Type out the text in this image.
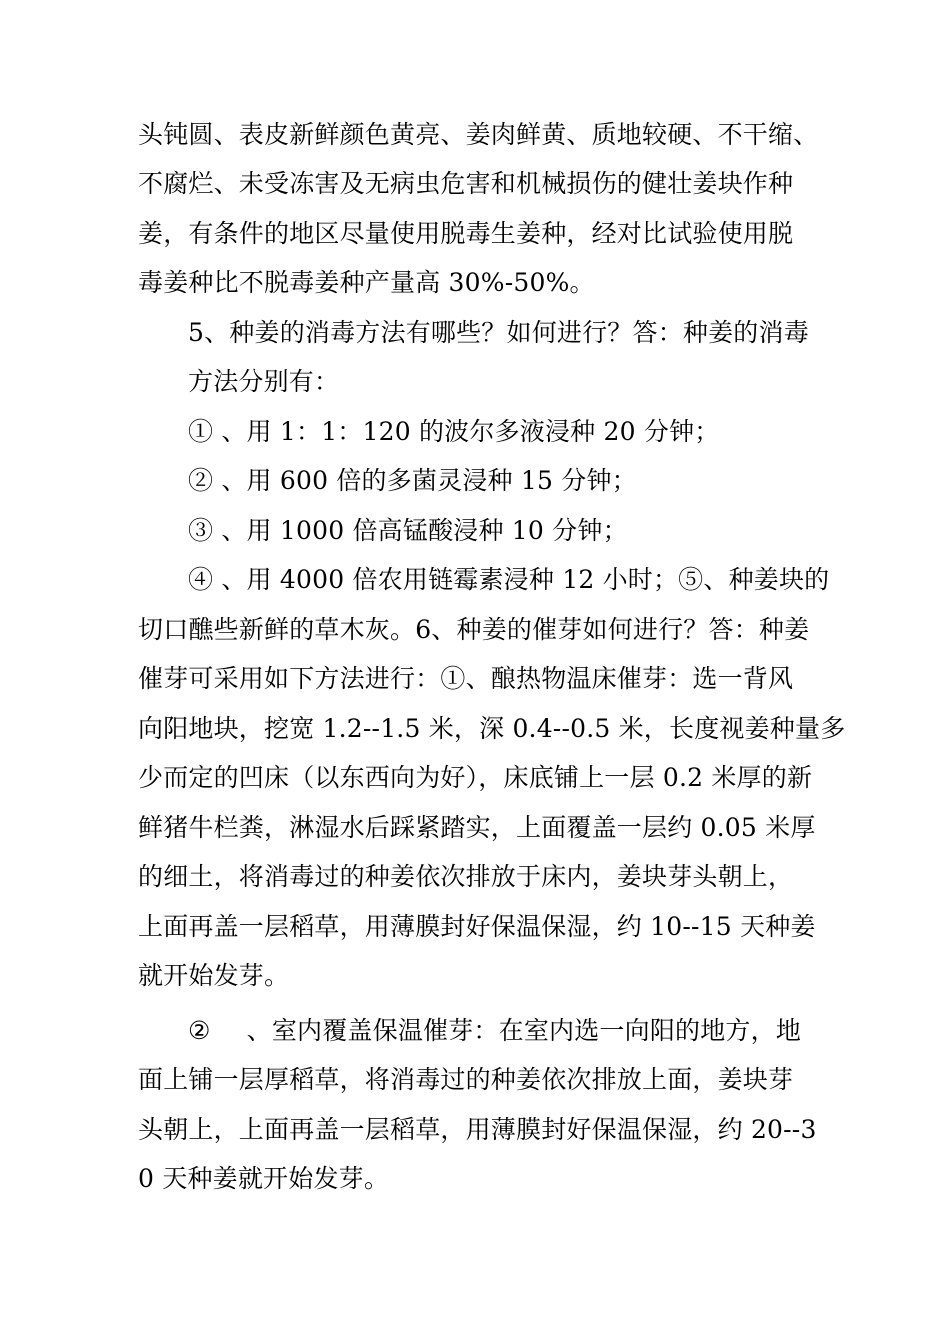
头钝圆、表皮新鲜颜色黄亮、姜肉鲜黄、质地较硬、不干缩、
不腐烂、未受冻害及无病虫危害和机械损伤的健壮姜块作种
姜，有条件的地区尽量使用脱毒生姜种，经对比试验使用脱
毒姜种比不脱毒姜种产量高 30%-50%。
5、种姜的消毒方法有哪些？如何进行？答：种姜的消毒
方法分别有：
① 、用 1：1：120 的波尔多液浸种 20 分钟；
② 、用 600 倍的多菌灵浸种 15 分钟；
③ 、用 1000 倍高锰酸浸种 10 分钟；
④ 、用 4000 倍农用链霉素浸种 12 小时；⑤、种姜块的
切口醮些新鲜的草木灰。6、种姜的催芽如何进行？答：种姜
催芽可采用如下方法进行：①、酿热物温床催芽：选一背风
向阳地块，挖宽 1.2--1.5 米，深 0.4--0.5 米，长度视姜种量多
少而定的凹床（以东西向为好），床底铺上一层 0.2 米厚的新
鲜猪牛栏粪，淋湿水后踩紧踏实，上面覆盖一层约 0.05 米厚
的细土，将消毒过的种姜依次排放于床内，姜块芽头朝上，
上面再盖一层稻草，用薄膜封好保温保湿，约 10--15 天种姜
就开始发芽。
② 、室内覆盖保温催芽：在室内选一向阳的地方，地
面上铺一层厚稻草，将消毒过的种姜依次排放上面，姜块芽
头朝上，上面再盖一层稻草，用薄膜封好保温保湿，约 20--3
0 天种姜就开始发芽。
